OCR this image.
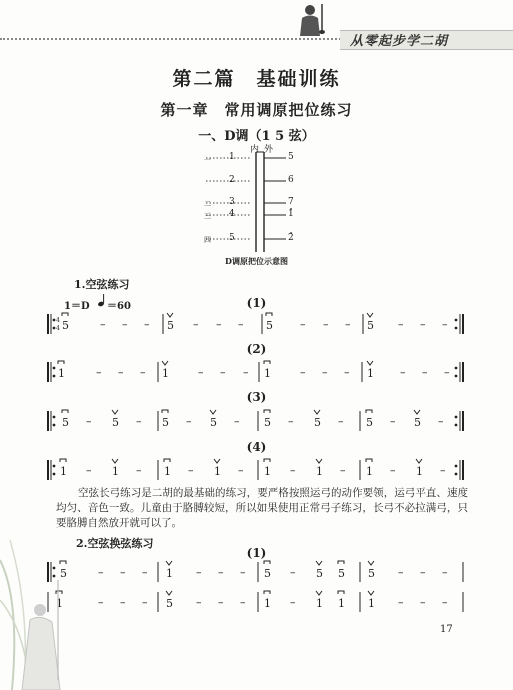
从零起步学二胡
第二篇　基础训练
第一章　常用调原把位练习
一、D调（1 5 弦）
内 外
一
二
三
四
1
2
3
4
5
5
6
7
1
2
D调原把位示意图
1.空弦练习
1＝D ＝60	(1)
(2)
(3)
(4)
4
4 5	– – – 5 – – – 5 – – – 5 – – –
1	– – – 1	– – – 1	– – – 1 – – –
5 – 5 – 5 – 5 – 5 – 5 – 5 – 5 –
1 – 1 – 1 – 1 – 1 – 1 – 1 – 1 –
5	– – – 1 – – – 5 – 5 5 5 – – –
1	– – – 5 – – – 1 – 1 1 1 – – –
空弦长弓练习是二胡的最基础的练习，要严格按照运弓的动作要领，运弓平直、速度均匀、音色一致。儿童由于胳膊较短，所以如果使用正常弓子练习，长弓不必拉满弓，只要胳膊自然放开就可以了。
2.空弦换弦练习
(1)
17
